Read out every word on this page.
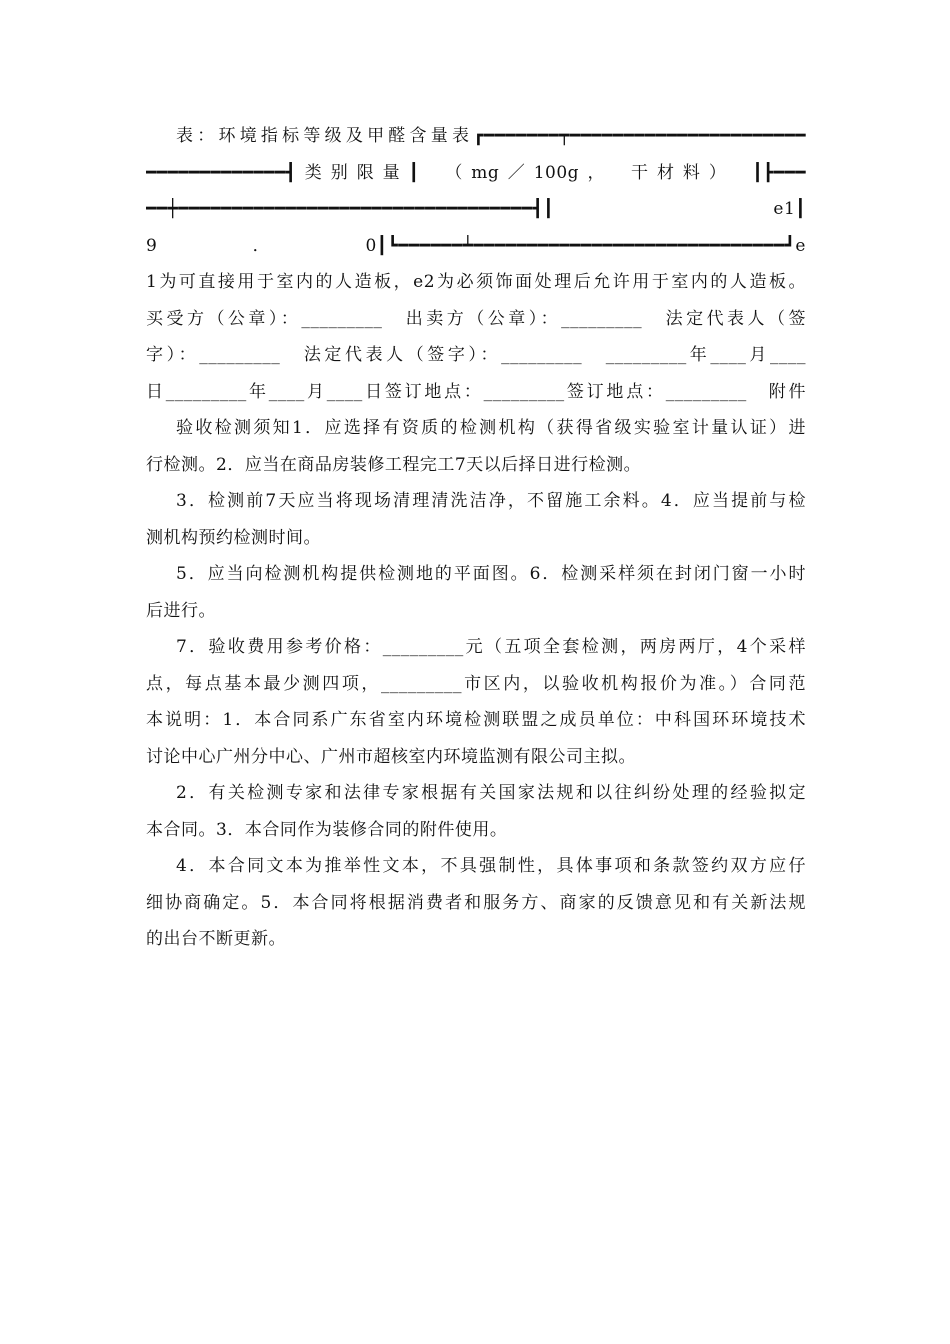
表：环境指标等级及甲醛含量表┏━━━━━━━┯━━━━━━━━━━━━━━━━━━━━━━
━━━━━━━━━━━━━┫类别限量┃　（mg／100g，　干材料）　┃┣━━━
━━┿━━━━━━━━━━━━━━━━━━━━━━━━━━━━━━━━━┫┃　e1┃
9．0┃┗━━━━━━┷━━━━━━━━━━━━━━━━━━━━━━━━━━━━━┛e
1为可直接用于室内的人造板，e2为必须饰面处理后允许用于室内的人造板。
买受方（公章）：_________　出卖方（公章）：_________　法定代表人（签
字）：_________　法定代表人（签字）：_________　_________年____月____
日_________年____月____日签订地点：_________签订地点：_________　附件
验收检测须知1．应选择有资质的检测机构（获得省级实验室计量认证）进
行检测。2．应当在商品房装修工程完工7天以后择日进行检测。
3．检测前7天应当将现场清理清洗洁净，不留施工余料。4．应当提前与检
测机构预约检测时间。
5．应当向检测机构提供检测地的平面图。6．检测采样须在封闭门窗一小时
后进行。
7．验收费用参考价格：_________元（五项全套检测，两房两厅，4个采样
点，每点基本最少测四项，_________市区内，以验收机构报价为准。）合同范
本说明：1．本合同系广东省室内环境检测联盟之成员单位：中科国环环境技术
讨论中心广州分中心、广州市超核室内环境监测有限公司主拟。
2．有关检测专家和法律专家根据有关国家法规和以往纠纷处理的经验拟定
本合同。3．本合同作为装修合同的附件使用。
4．本合同文本为推举性文本，不具强制性，具体事项和条款签约双方应仔
细协商确定。5．本合同将根据消费者和服务方、商家的反馈意见和有关新法规
的出台不断更新。
